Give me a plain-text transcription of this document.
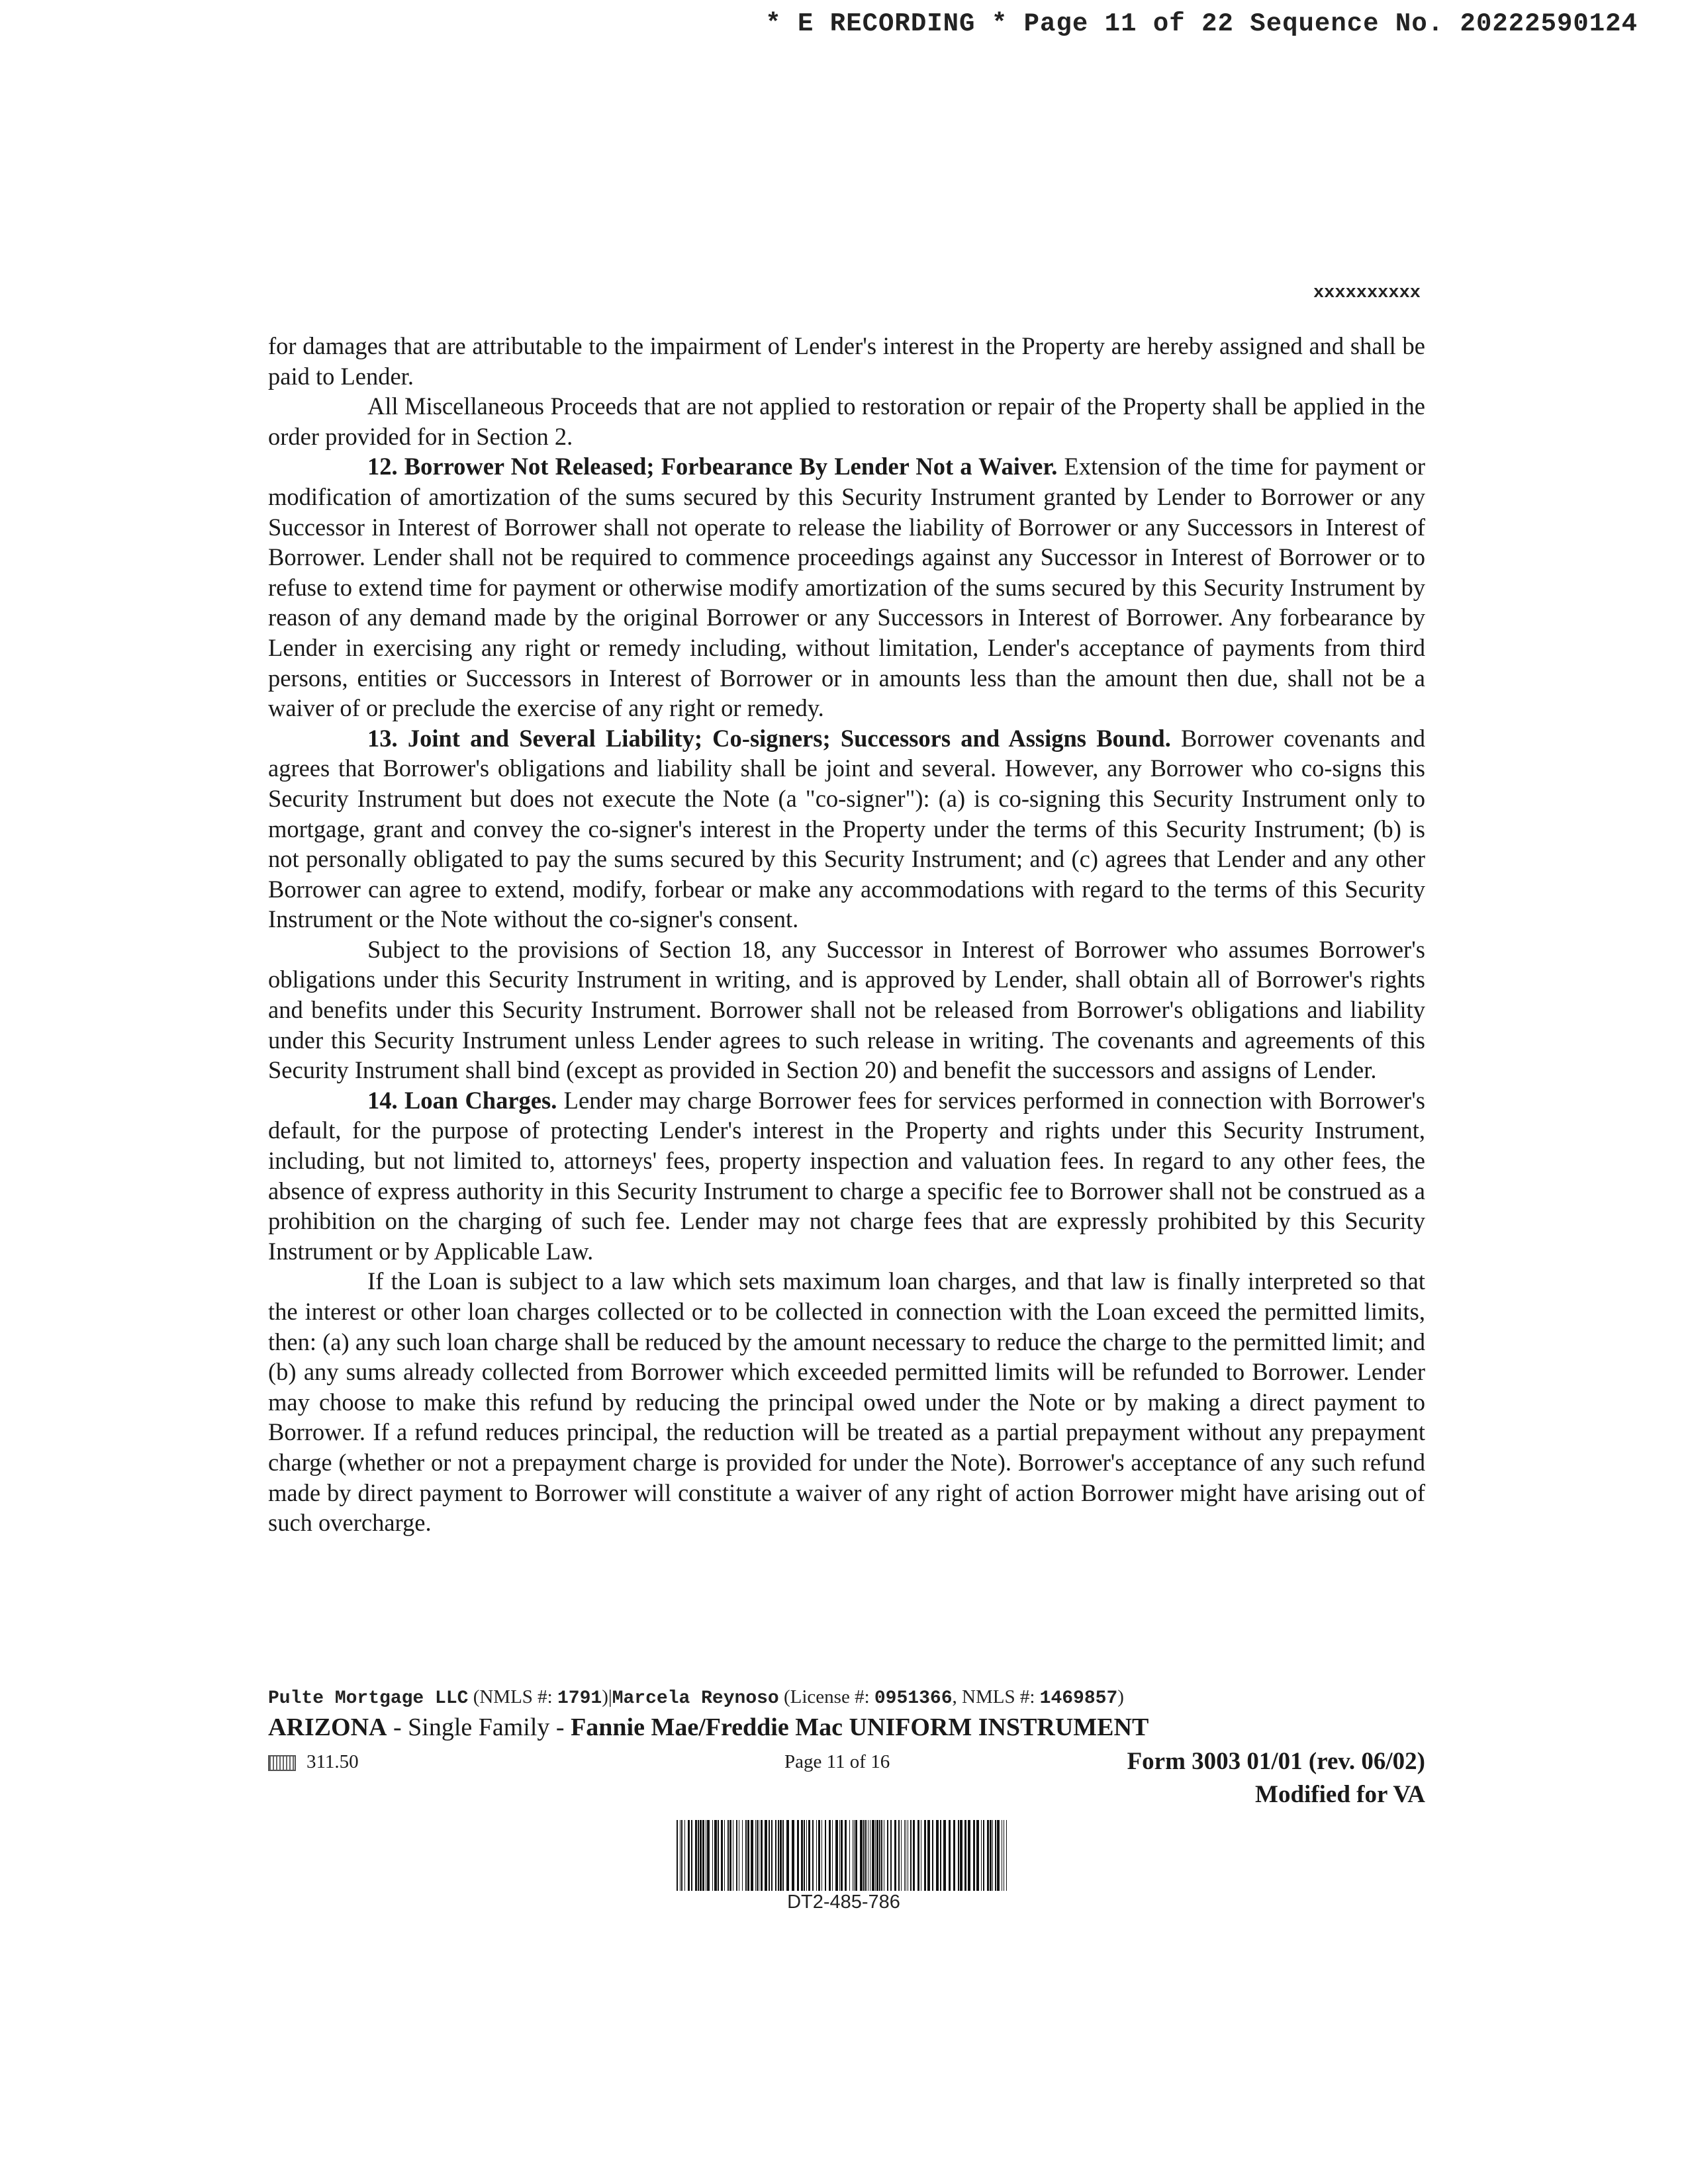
* E RECORDING * Page 11 of 22 Sequence No. 20222590124
xxxxxxxxxx

for damages that are attributable to the impairment of Lender's interest in the Property are hereby assigned and shall be paid to Lender.

All Miscellaneous Proceeds that are not applied to restoration or repair of the Property shall be applied in the order provided for in Section 2.

12. Borrower Not Released; Forbearance By Lender Not a Waiver. Extension of the time for payment or modification of amortization of the sums secured by this Security Instrument granted by Lender to Borrower or any Successor in Interest of Borrower shall not operate to release the liability of Borrower or any Successors in Interest of Borrower. Lender shall not be required to commence proceedings against any Successor in Interest of Borrower or to refuse to extend time for payment or otherwise modify amortization of the sums secured by this Security Instrument by reason of any demand made by the original Borrower or any Successors in Interest of Borrower. Any forbearance by Lender in exercising any right or remedy including, without limitation, Lender's acceptance of payments from third persons, entities or Successors in Interest of Borrower or in amounts less than the amount then due, shall not be a waiver of or preclude the exercise of any right or remedy.

13. Joint and Several Liability; Co-signers; Successors and Assigns Bound. Borrower covenants and agrees that Borrower's obligations and liability shall be joint and several. However, any Borrower who co-signs this Security Instrument but does not execute the Note (a "co-signer"): (a) is co-signing this Security Instrument only to mortgage, grant and convey the co-signer's interest in the Property under the terms of this Security Instrument; (b) is not personally obligated to pay the sums secured by this Security Instrument; and (c) agrees that Lender and any other Borrower can agree to extend, modify, forbear or make any accommodations with regard to the terms of this Security Instrument or the Note without the co-signer's consent.

Subject to the provisions of Section 18, any Successor in Interest of Borrower who assumes Borrower's obligations under this Security Instrument in writing, and is approved by Lender, shall obtain all of Borrower's rights and benefits under this Security Instrument. Borrower shall not be released from Borrower's obligations and liability under this Security Instrument unless Lender agrees to such release in writing. The covenants and agreements of this Security Instrument shall bind (except as provided in Section 20) and benefit the successors and assigns of Lender.

14. Loan Charges. Lender may charge Borrower fees for services performed in connection with Borrower's default, for the purpose of protecting Lender's interest in the Property and rights under this Security Instrument, including, but not limited to, attorneys' fees, property inspection and valuation fees. In regard to any other fees, the absence of express authority in this Security Instrument to charge a specific fee to Borrower shall not be construed as a prohibition on the charging of such fee. Lender may not charge fees that are expressly prohibited by this Security Instrument or by Applicable Law.

If the Loan is subject to a law which sets maximum loan charges, and that law is finally interpreted so that the interest or other loan charges collected or to be collected in connection with the Loan exceed the permitted limits, then: (a) any such loan charge shall be reduced by the amount necessary to reduce the charge to the permitted limit; and (b) any sums already collected from Borrower which exceeded permitted limits will be refunded to Borrower. Lender may choose to make this refund by reducing the principal owed under the Note or by making a direct payment to Borrower. If a refund reduces principal, the reduction will be treated as a partial prepayment without any prepayment charge (whether or not a prepayment charge is provided for under the Note). Borrower's acceptance of any such refund made by direct payment to Borrower will constitute a waiver of any right of action Borrower might have arising out of such overcharge.

Pulte Mortgage LLC (NMLS #: 1791)|Marcela Reynoso (License #: 0951366, NMLS #: 1469857)
ARIZONA - Single Family - Fannie Mae/Freddie Mac UNIFORM INSTRUMENT
311.50	Page 11 of 16	Form 3003 01/01 (rev. 06/02)
Modified for VA
DT2-485-786
